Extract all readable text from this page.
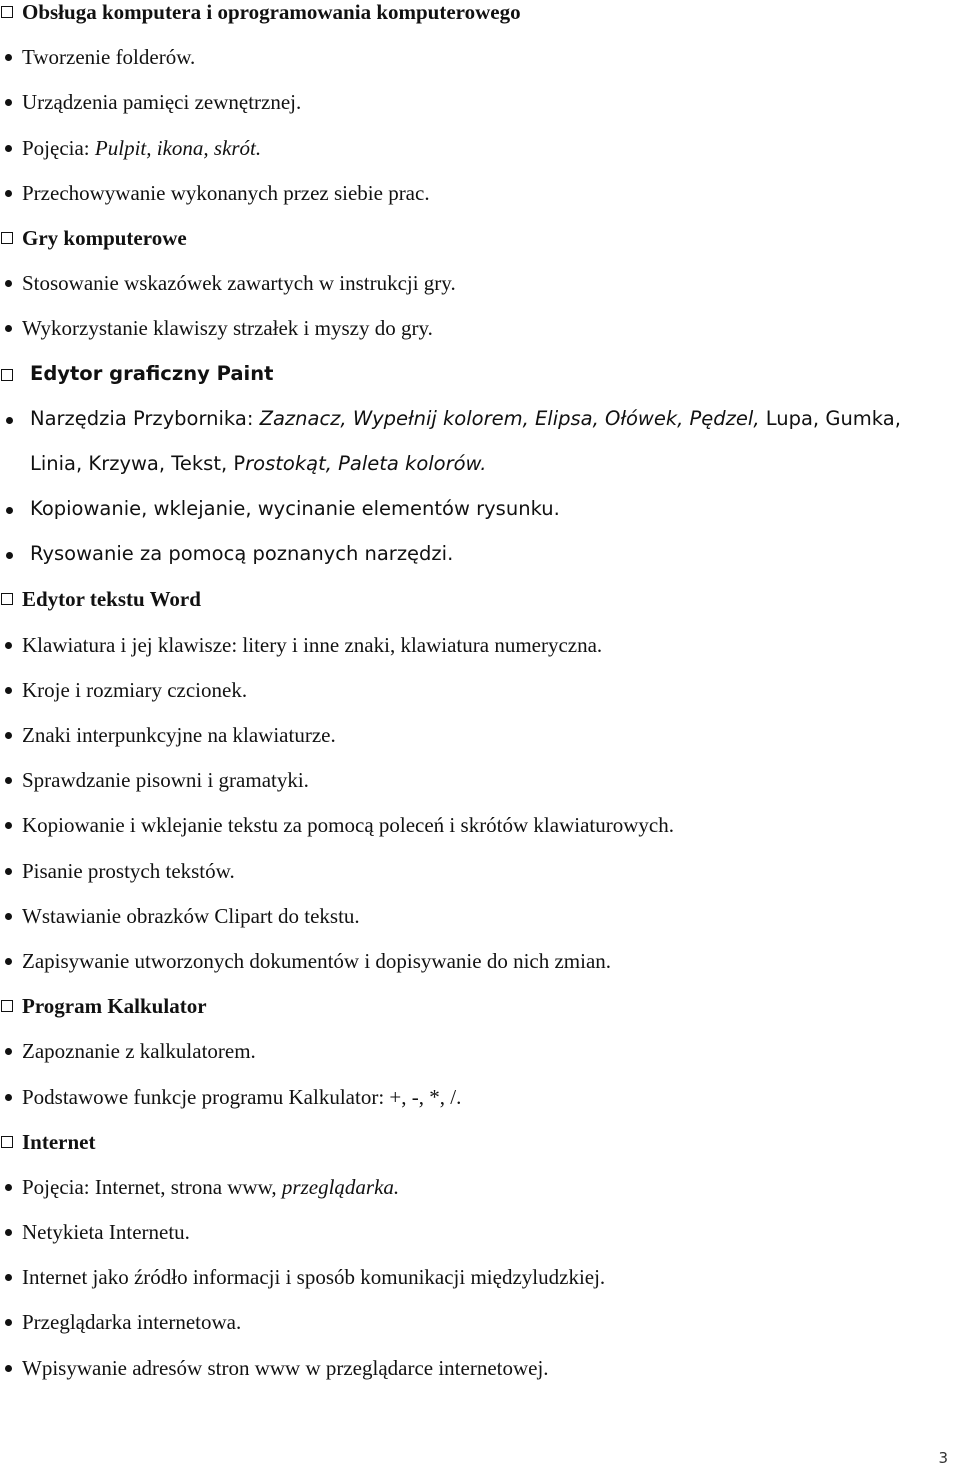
Obsługa komputera i oprogramowania komputerowego
Tworzenie folderów.
Urządzenia pamięci zewnętrznej.
Pojęcia: Pulpit, ikona, skrót.
Przechowywanie wykonanych przez siebie prac.
Gry komputerowe
Stosowanie wskazówek zawartych w instrukcji gry.
Wykorzystanie klawiszy strzałek i myszy do gry.
Edytor graficzny Paint
Narzędzia Przybornika: Zaznacz, Wypełnij kolorem, Elipsa, Ołówek, Pędzel, Lupa, Gumka,
Linia, Krzywa, Tekst, Prostokąt, Paleta kolorów.
Kopiowanie, wklejanie, wycinanie elementów rysunku.
Rysowanie za pomocą poznanych narzędzi.
Edytor tekstu Word
Klawiatura i jej klawisze: litery i inne znaki, klawiatura numeryczna.
Kroje i rozmiary czcionek.
Znaki interpunkcyjne na klawiaturze.
Sprawdzanie pisowni i gramatyki.
Kopiowanie i wklejanie tekstu za pomocą poleceń i skrótów klawiaturowych.
Pisanie prostych tekstów.
Wstawianie obrazków Clipart do tekstu.
Zapisywanie utworzonych dokumentów i dopisywanie do nich zmian.
Program Kalkulator
Zapoznanie z kalkulatorem.
Podstawowe funkcje programu Kalkulator: +, -, *, /.
Internet
Pojęcia: Internet, strona www, przeglądarka.
Netykieta Internetu.
Internet jako źródło informacji i sposób komunikacji międzyludzkiej.
Przeglądarka internetowa.
Wpisywanie adresów stron www w przeglądarce internetowej.
3
